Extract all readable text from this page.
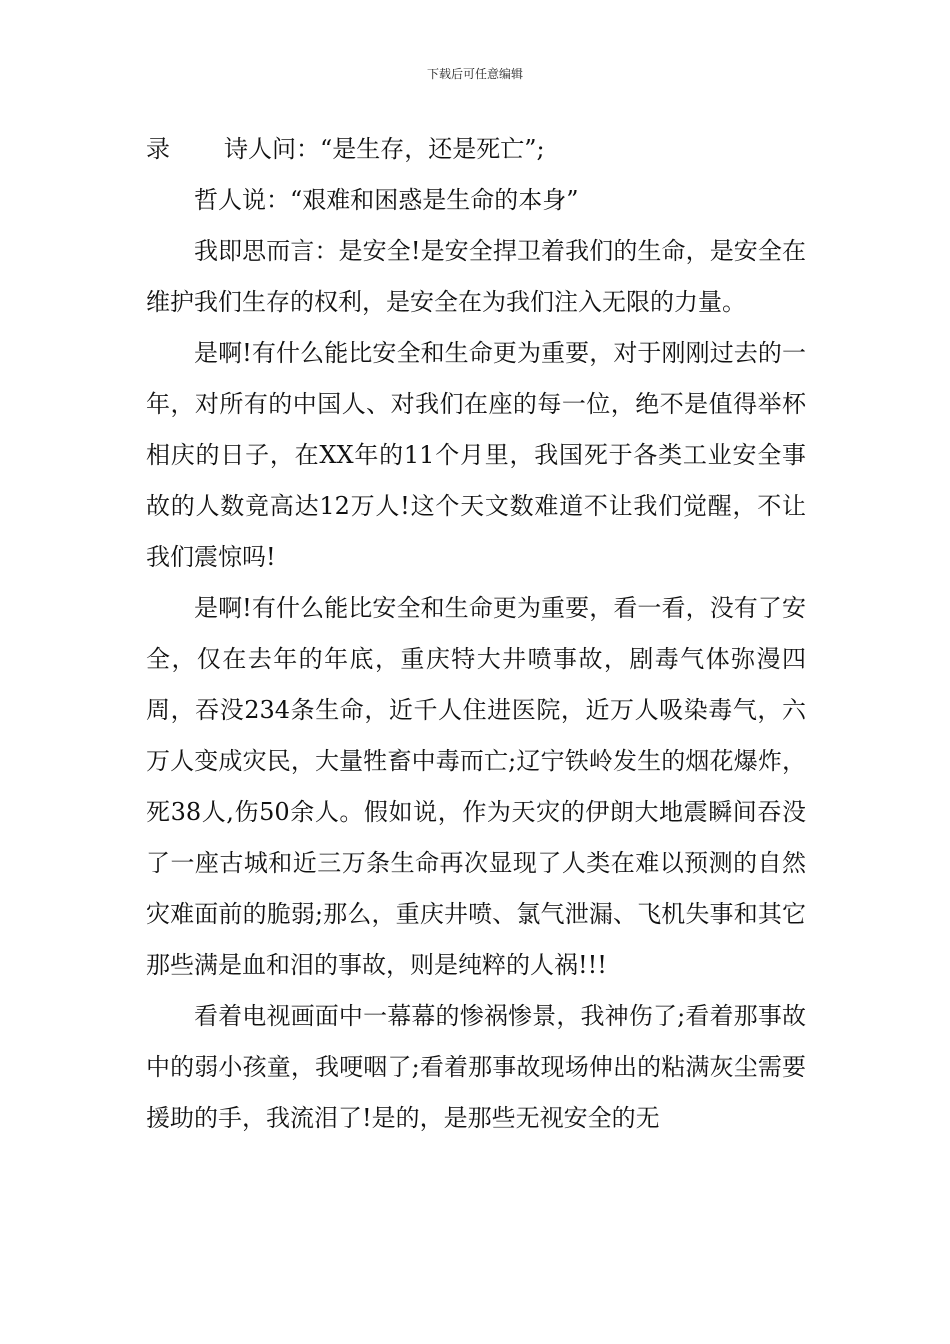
下载后可任意编辑

录 诗人问：“是生存，还是死亡”;

哲人说：“艰难和困惑是生命的本身”

我即思而言：是安全!是安全捍卫着我们的生命，是安全在维护我们生存的权利，是安全在为我们注入无限的力量。

是啊!有什么能比安全和生命更为重要，对于刚刚过去的一年，对所有的中国人、对我们在座的每一位，绝不是值得举杯相庆的日子，在XX年的11个月里，我国死于各类工业安全事故的人数竟高达12万人!这个天文数难道不让我们觉醒，不让我们震惊吗!

是啊!有什么能比安全和生命更为重要，看一看，没有了安全，仅在去年的年底，重庆特大井喷事故，剧毒气体弥漫四周，吞没234条生命，近千人住进医院，近万人吸染毒气，六万人变成灾民，大量牲畜中毒而亡;辽宁铁岭发生的烟花爆炸，死38人,伤50余人。假如说，作为天灾的伊朗大地震瞬间吞没了一座古城和近三万条生命再次显现了人类在难以预测的自然灾难面前的脆弱;那么，重庆井喷、氯气泄漏、飞机失事和其它那些满是血和泪的事故，则是纯粹的人祸!!!

看着电视画面中一幕幕的惨祸惨景，我神伤了;看着那事故中的弱小孩童，我哽咽了;看着那事故现场伸出的粘满灰尘需要援助的手，我流泪了!是的，是那些无视安全的无
